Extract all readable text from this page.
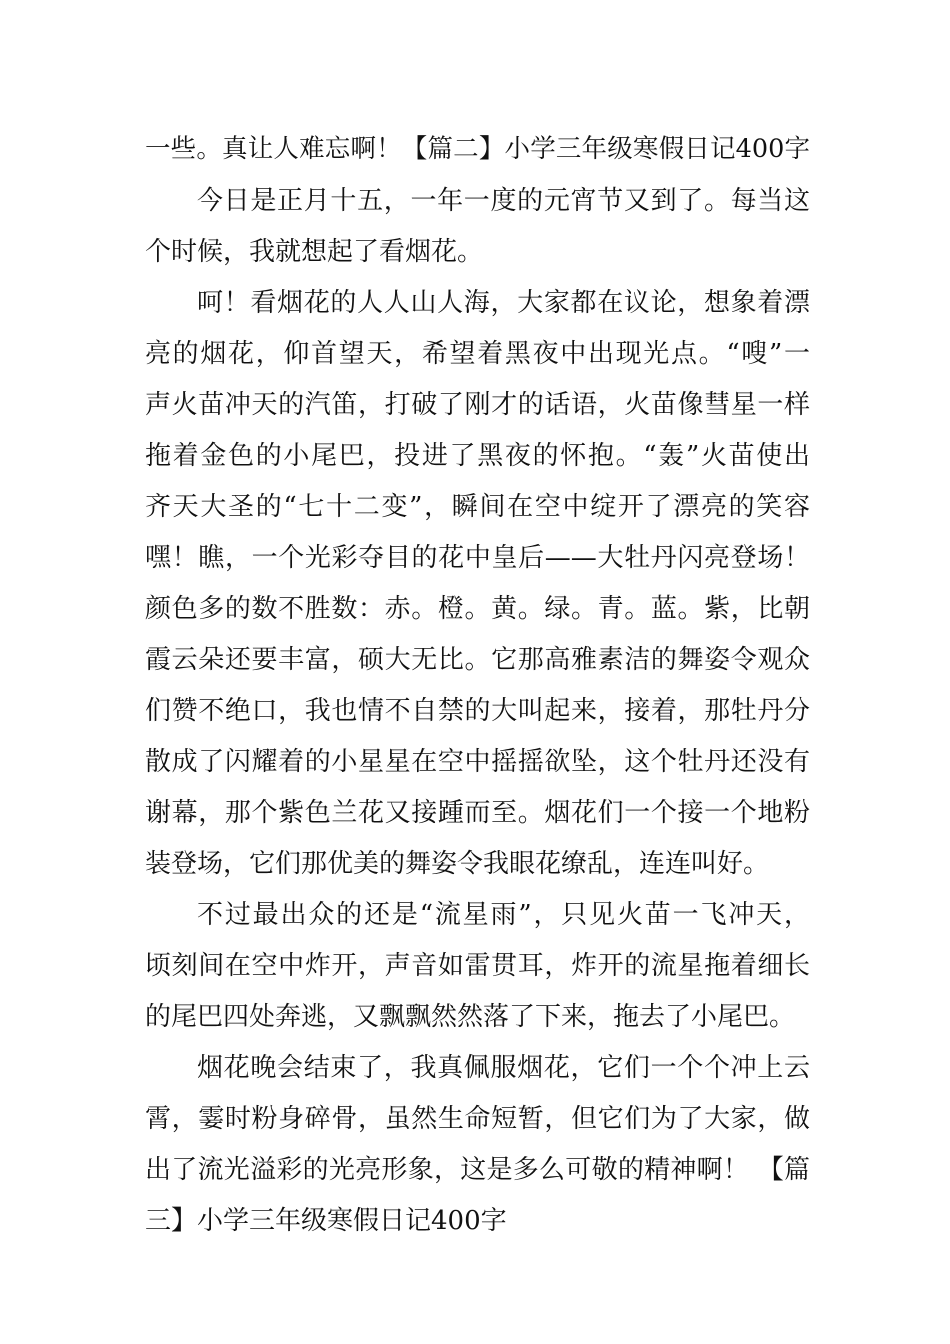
一些。真让人难忘啊！【篇二】小学三年级寒假日记400字
今日是正月十五，一年一度的元宵节又到了。每当这
个时候，我就想起了看烟花。
呵！看烟花的人人山人海，大家都在议论，想象着漂
亮的烟花，仰首望天，希望着黑夜中出现光点。“嗖”一
声火苗冲天的汽笛，打破了刚才的话语，火苗像彗星一样
拖着金色的小尾巴，投进了黑夜的怀抱。“轰”火苗使出
齐天大圣的“七十二变”，瞬间在空中绽开了漂亮的笑容
嘿！瞧，一个光彩夺目的花中皇后——大牡丹闪亮登场！
颜色多的数不胜数：赤。橙。黄。绿。青。蓝。紫，比朝
霞云朵还要丰富，硕大无比。它那高雅素洁的舞姿令观众
们赞不绝口，我也情不自禁的大叫起来，接着，那牡丹分
散成了闪耀着的小星星在空中摇摇欲坠，这个牡丹还没有
谢幕，那个紫色兰花又接踵而至。烟花们一个接一个地粉
装登场，它们那优美的舞姿令我眼花缭乱，连连叫好。
不过最出众的还是“流星雨”，只见火苗一飞冲天，
顷刻间在空中炸开，声音如雷贯耳，炸开的流星拖着细长
的尾巴四处奔逃，又飘飘然然落了下来，拖去了小尾巴。
烟花晚会结束了，我真佩服烟花，它们一个个冲上云
霄，霎时粉身碎骨，虽然生命短暂，但它们为了大家，做
出了流光溢彩的光亮形象，这是多么可敬的精神啊！ 【篇
三】小学三年级寒假日记400字
